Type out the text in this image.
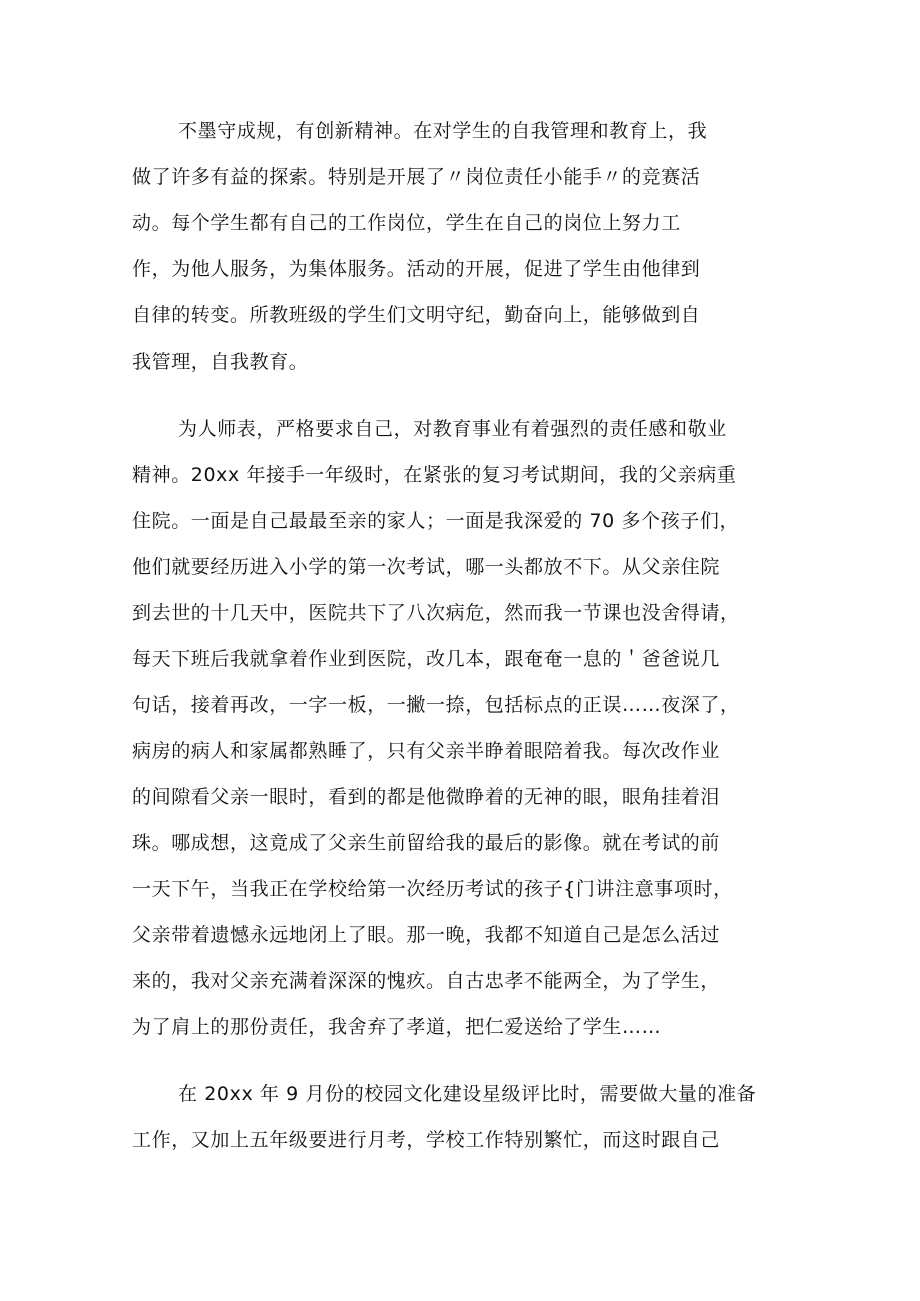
不墨守成规，有创新精神。在对学生的自我管理和教育上，我
做了许多有益的探索。特别是开展了〃岗位责任小能手〃的竞赛活
动。每个学生都有自己的工作岗位，学生在自己的岗位上努力工
作，为他人服务，为集体服务。活动的开展，促进了学生由他律到
自律的转变。所教班级的学生们文明守纪，勤奋向上，能够做到自
我管理，自我教育。
为人师表，严格要求自己，对教育事业有着强烈的责任感和敬业
精神。20xx 年接手一年级时，在紧张的复习考试期间，我的父亲病重
住院。一面是自己最最至亲的家人；一面是我深爱的 70 多个孩子们，
他们就要经历进入小学的第一次考试，哪一头都放不下。从父亲住院
到去世的十几天中，医院共下了八次病危，然而我一节课也没舍得请，
每天下班后我就拿着作业到医院，改几本，跟奄奄一息的＇爸爸说几
句话，接着再改，一字一板，一撇一捺，包括标点的正误……夜深了，
病房的病人和家属都熟睡了，只有父亲半睁着眼陪着我。每次改作业
的间隙看父亲一眼时，看到的都是他微睁着的无神的眼，眼角挂着泪
珠。哪成想，这竟成了父亲生前留给我的最后的影像。就在考试的前
一天下午，当我正在学校给第一次经历考试的孩子{门讲注意事项时，
父亲带着遗憾永远地闭上了眼。那一晚，我都不知道自己是怎么活过
来的，我对父亲充满着深深的愧疚。自古忠孝不能两全，为了学生，
为了肩上的那份责任，我舍弃了孝道，把仁爱送给了学生……
在 20xx 年 9 月份的校园文化建设星级评比时，需要做大量的准备
工作，又加上五年级要进行月考，学校工作特别繁忙，而这时跟自己
